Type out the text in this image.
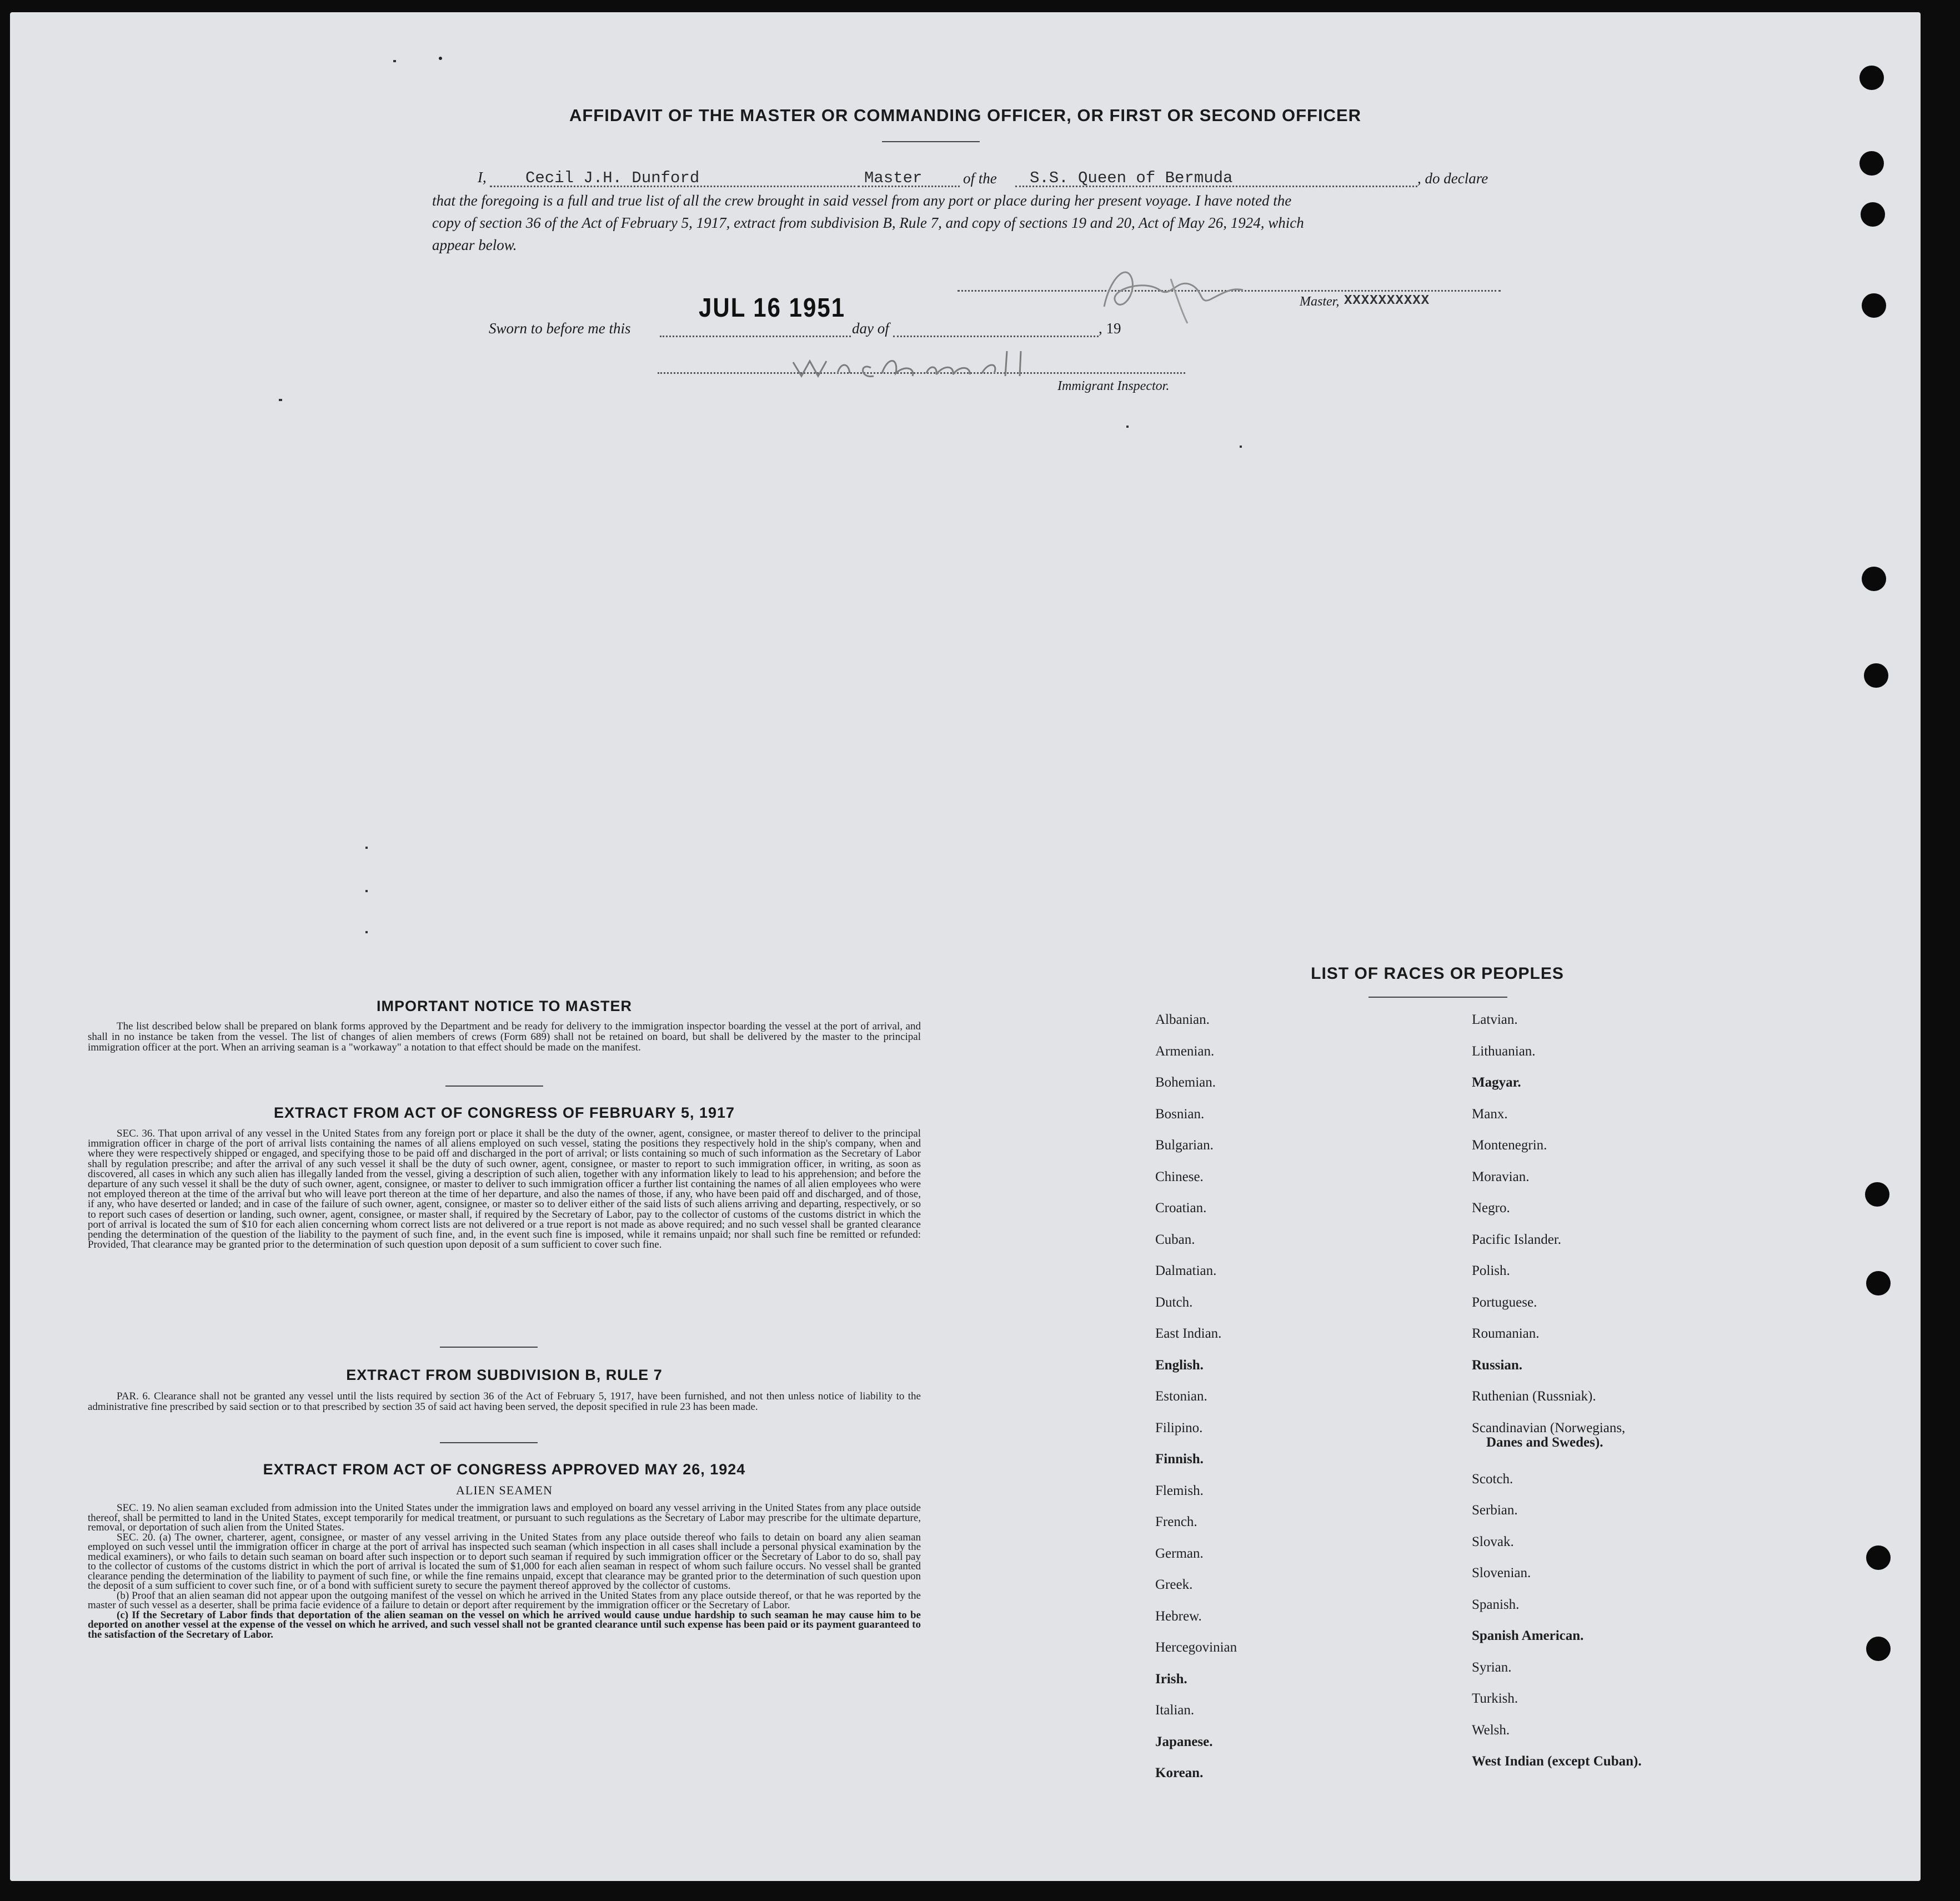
AFFIDAVIT OF THE MASTER OR COMMANDING OFFICER, OR FIRST OR SECOND OFFICER
I, Cecil J.H. Dunford	Master	of the S.S. Queen of Bermuda	, do declare
that the foregoing is a full and true list of all the crew brought in said vessel from any port or place during her present voyage. I have noted the
copy of section 36 of the Act of February 5, 1917, extract from subdivision B, Rule 7, and copy of sections 19 and 20, Act of May 26, 1924, which
appear below.
Master, XXXXXXXXXX
Sworn to before me this
JUL 16 1951
day of	, 19
Immigrant Inspector.
IMPORTANT NOTICE TO MASTER
The list described below shall be prepared on blank forms approved by the Department and be ready for delivery to the immigration inspector boarding the vessel at the port of arrival, and shall in no instance be taken from the vessel. The list of changes of alien members of crews (Form 689) shall not be retained on board, but shall be delivered by the master to the principal immigration officer at the port. When an arriving seaman is a "workaway" a notation to that effect should be made on the manifest.
EXTRACT FROM ACT OF CONGRESS OF FEBRUARY 5, 1917
SEC. 36. That upon arrival of any vessel in the United States from any foreign port or place it shall be the duty of the owner, agent, consignee, or master thereof to deliver to the principal immigration officer in charge of the port of arrival lists containing the names of all aliens employed on such vessel, stating the positions they respectively hold in the ship's company, when and where they were respectively shipped or engaged, and specifying those to be paid off and discharged in the port of arrival; or lists containing so much of such information as the Secretary of Labor shall by regulation prescribe; and after the arrival of any such vessel it shall be the duty of such owner, agent, consignee, or master to report to such immigration officer, in writing, as soon as discovered, all cases in which any such alien has illegally landed from the vessel, giving a description of such alien, together with any information likely to lead to his apprehension; and before the departure of any such vessel it shall be the duty of such owner, agent, consignee, or master to deliver to such immigration officer a further list containing the names of all alien employees who were not employed thereon at the time of the arrival but who will leave port thereon at the time of her departure, and also the names of those, if any, who have been paid off and discharged, and of those, if any, who have deserted or landed; and in case of the failure of such owner, agent, consignee, or master so to deliver either of the said lists of such aliens arriving and departing, respectively, or so to report such cases of desertion or landing, such owner, agent, consignee, or master shall, if required by the Secretary of Labor, pay to the collector of customs of the customs district in which the port of arrival is located the sum of $10 for each alien concerning whom correct lists are not delivered or a true report is not made as above required; and no such vessel shall be granted clearance pending the determination of the question of the liability to the payment of such fine, and, in the event such fine is imposed, while it remains unpaid; nor shall such fine be remitted or refunded: Provided, That clearance may be granted prior to the determination of such question upon deposit of a sum sufficient to cover such fine.
EXTRACT FROM SUBDIVISION B, RULE 7
PAR. 6. Clearance shall not be granted any vessel until the lists required by section 36 of the Act of February 5, 1917, have been furnished, and not then unless notice of liability to the administrative fine prescribed by said section or to that prescribed by section 35 of said act having been served, the deposit specified in rule 23 has been made.
EXTRACT FROM ACT OF CONGRESS APPROVED MAY 26, 1924
ALIEN SEAMEN
SEC. 19. No alien seaman excluded from admission into the United States under the immigration laws and employed on board any vessel arriving in the United States from any place outside thereof, shall be permitted to land in the United States, except temporarily for medical treatment, or pursuant to such regulations as the Secretary of Labor may prescribe for the ultimate departure, removal, or deportation of such alien from the United States.
SEC. 20. (a) The owner, charterer, agent, consignee, or master of any vessel arriving in the United States from any place outside thereof who fails to detain on board any alien seaman employed on such vessel until the immigration officer in charge at the port of arrival has inspected such seaman (which inspection in all cases shall include a personal physical examination by the medical examiners), or who fails to detain such seaman on board after such inspection or to deport such seaman if required by such immigration officer or the Secretary of Labor to do so, shall pay to the collector of customs of the customs district in which the port of arrival is located the sum of $1,000 for each alien seaman in respect of whom such failure occurs. No vessel shall be granted clearance pending the determination of the liability to payment of such fine, or while the fine remains unpaid, except that clearance may be granted prior to the determination of such question upon the deposit of a sum sufficient to cover such fine, or of a bond with sufficient surety to secure the payment thereof approved by the collector of customs.
(b) Proof that an alien seaman did not appear upon the outgoing manifest of the vessel on which he arrived in the United States from any place outside thereof, or that he was reported by the master of such vessel as a deserter, shall be prima facie evidence of a failure to detain or deport after requirement by the immigration officer or the Secretary of Labor.
(c) If the Secretary of Labor finds that deportation of the alien seaman on the vessel on which he arrived would cause undue hardship to such seaman he may cause him to be deported on another vessel at the expense of the vessel on which he arrived, and such vessel shall not be granted clearance until such expense has been paid or its payment guaranteed to the satisfaction of the Secretary of Labor.
LIST OF RACES OR PEOPLES
Albanian.
Armenian.
Bohemian.
Bosnian.
Bulgarian.
Chinese.
Croatian.
Cuban.
Dalmatian.
Dutch.
East Indian.
English.
Estonian.
Filipino.
Finnish.
Flemish.
French.
German.
Greek.
Hebrew.
Hercegovinian
Irish.
Italian.
Japanese.
Korean.
Latvian.
Lithuanian.
Magyar.
Manx.
Montenegrin.
Moravian.
Negro.
Pacific Islander.
Polish.
Portuguese.
Roumanian.
Russian.
Ruthenian (Russniak).
Scandinavian (Norwegians,
Danes and Swedes).
Scotch.
Serbian.
Slovak.
Slovenian.
Spanish.
Spanish American.
Syrian.
Turkish.
Welsh.
West Indian (except Cuban).
